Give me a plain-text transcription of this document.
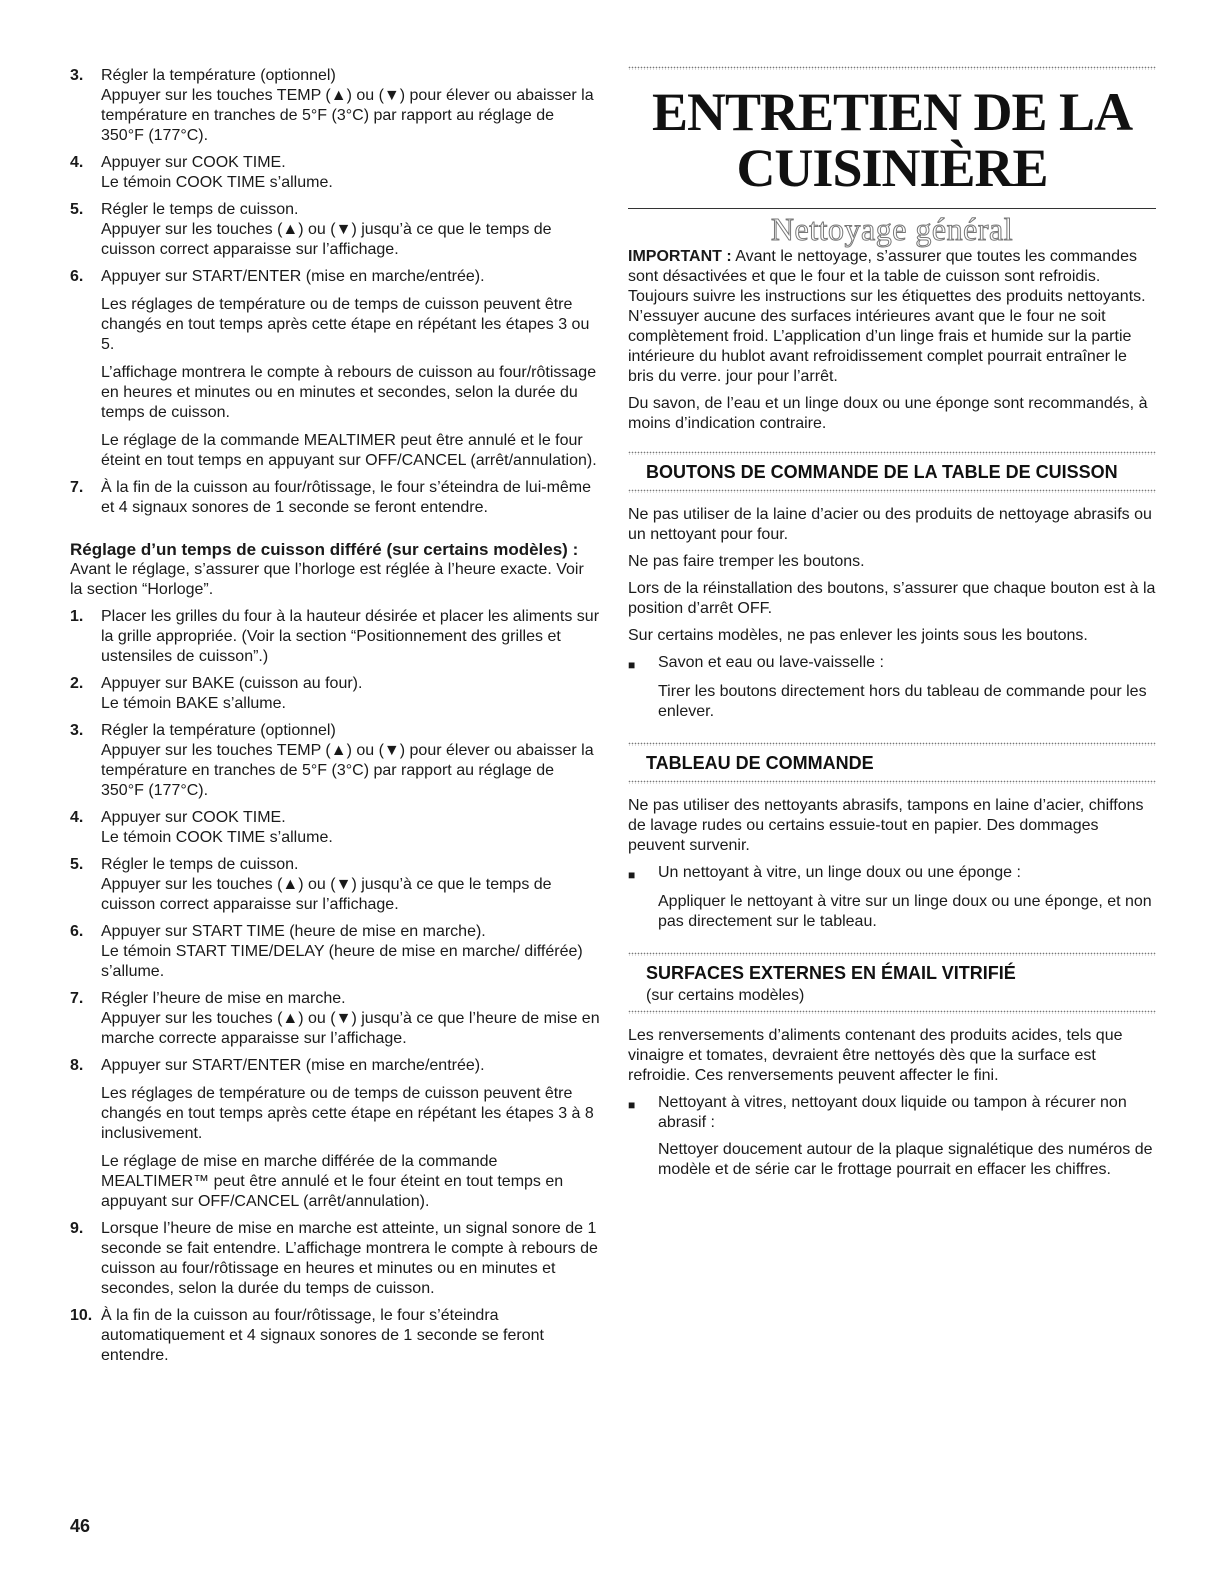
3.	Régler la température (optionnel)

Appuyer sur les touches TEMP (▲) ou (▼) pour élever ou abaisser la température en tranches de 5°F (3°C) par rapport au réglage de 350°F (177°C).

4.	Appuyer sur COOK TIME.

Le témoin COOK TIME s’allume.

5.	Régler le temps de cuisson.

Appuyer sur les touches (▲) ou (▼) jusqu’à ce que le temps de cuisson correct apparaisse sur l’affichage.

6.	Appuyer sur START/ENTER (mise en marche/entrée).

Les réglages de température ou de temps de cuisson peuvent être changés en tout temps après cette étape en répétant les étapes 3 ou 5.

L’affichage montrera le compte à rebours de cuisson au four/rôtissage en heures et minutes ou en minutes et secondes, selon la durée du temps de cuisson.

Le réglage de la commande MEALTIMER peut être annulé et le four éteint en tout temps en appuyant sur OFF/CANCEL (arrêt/annulation).

7.	À la fin de la cuisson au four/rôtissage, le four s’éteindra de lui-même et 4 signaux sonores de 1 seconde se feront entendre.

Réglage d’un temps de cuisson différé (sur certains modèles) :

Avant le réglage, s’assurer que l’horloge est réglée à l’heure exacte. Voir la section “Horloge”.

1.	Placer les grilles du four à la hauteur désirée et placer les aliments sur la grille appropriée. (Voir la section “Positionnement des grilles et ustensiles de cuisson”.)

2.	Appuyer sur BAKE (cuisson au four).

Le témoin BAKE s’allume.

3.	Régler la température (optionnel)

Appuyer sur les touches TEMP (▲) ou (▼) pour élever ou abaisser la température en tranches de 5°F (3°C) par rapport au réglage de 350°F (177°C).

4.	Appuyer sur COOK TIME.

Le témoin COOK TIME s’allume.

5.	Régler le temps de cuisson.

Appuyer sur les touches (▲) ou (▼) jusqu’à ce que le temps de cuisson correct apparaisse sur l’affichage.

6.	Appuyer sur START TIME (heure de mise en marche).

Le témoin START TIME/DELAY (heure de mise en marche/ différée) s’allume.

7.	Régler l’heure de mise en marche.

Appuyer sur les touches (▲) ou (▼) jusqu’à ce que l’heure de mise en marche correcte apparaisse sur l’affichage.

8.	Appuyer sur START/ENTER (mise en marche/entrée).

Les réglages de température ou de temps de cuisson peuvent être changés en tout temps après cette étape en répétant les étapes 3 à 8 inclusivement.

Le réglage de mise en marche différée de la commande MEALTIMER™ peut être annulé et le four éteint en tout temps en appuyant sur OFF/CANCEL (arrêt/annulation).

9.	Lorsque l’heure de mise en marche est atteinte, un signal sonore de 1 seconde se fait entendre. L’affichage montrera le compte à rebours de cuisson au four/rôtissage en heures et minutes ou en minutes et secondes, selon la durée du temps de cuisson.

10. À la fin de la cuisson au four/rôtissage, le four s’éteindra automatiquement et 4 signaux sonores de 1 seconde se feront entendre.

46
ENTRETIEN DE LA
CUISINIÈRE
Nettoyage général

IMPORTANT : Avant le nettoyage, s’assurer que toutes les commandes sont désactivées et que le four et la table de cuisson sont refroidis. Toujours suivre les instructions sur les étiquettes des produits nettoyants. N’essuyer aucune des surfaces intérieures avant que le four ne soit complètement froid. L’application d’un linge frais et humide sur la partie intérieure du hublot avant refroidissement complet pourrait entraîner le bris du verre. jour pour l’arrêt.

Du savon, de l’eau et un linge doux ou une éponge sont recommandés, à moins d’indication contraire.

BOUTONS DE COMMANDE DE LA TABLE DE CUISSON

Ne pas utiliser de la laine d’acier ou des produits de nettoyage abrasifs ou un nettoyant pour four.

Ne pas faire tremper les boutons.

Lors de la réinstallation des boutons, s’assurer que chaque bouton est à la position d’arrêt OFF.

Sur certains modèles, ne pas enlever les joints sous les boutons.

■	Savon et eau ou lave-vaisselle :

Tirer les boutons directement hors du tableau de commande pour les enlever.

TABLEAU DE COMMANDE

Ne pas utiliser des nettoyants abrasifs, tampons en laine d’acier, chiffons de lavage rudes ou certains essuie-tout en papier. Des dommages peuvent survenir.

■	Un nettoyant à vitre, un linge doux ou une éponge :

Appliquer le nettoyant à vitre sur un linge doux ou une éponge, et non pas directement sur le tableau.

SURFACES EXTERNES EN ÉMAIL VITRIFIÉ
(sur certains modèles)

Les renversements d’aliments contenant des produits acides, tels que vinaigre et tomates, devraient être nettoyés dès que la surface est refroidie. Ces renversements peuvent affecter le fini.

■	Nettoyant à vitres, nettoyant doux liquide ou tampon à récurer non abrasif :

Nettoyer doucement autour de la plaque signalétique des numéros de modèle et de série car le frottage pourrait en effacer les chiffres.
